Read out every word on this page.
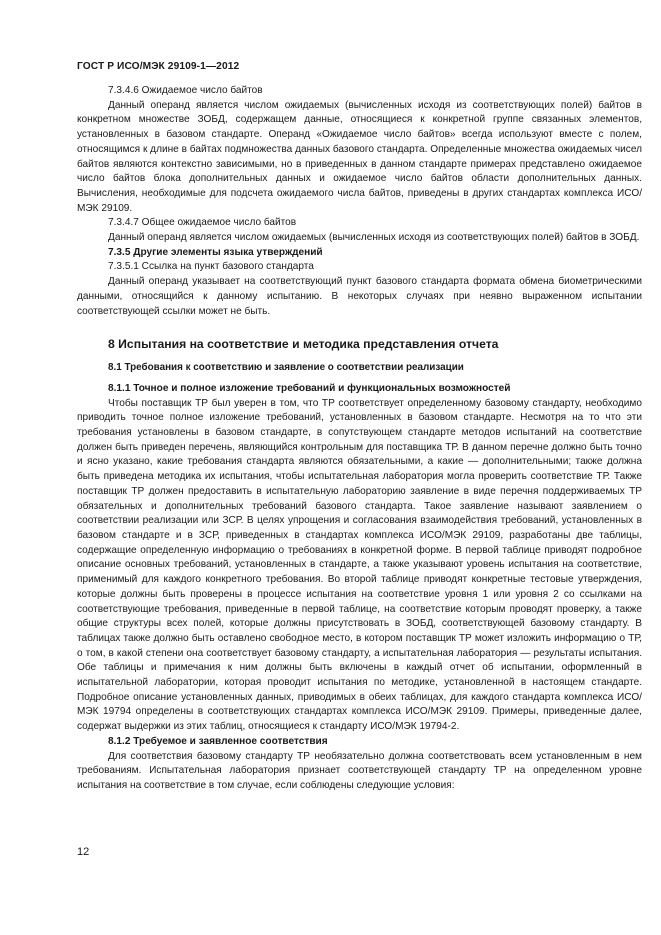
ГОСТ Р ИСО/МЭК 29109-1—2012

7.3.4.6 Ожидаемое число байтов

Данный операнд является числом ожидаемых (вычисленных исходя из соответствующих полей) байтов в конкретном множестве ЗОБД, содержащем данные, относящиеся к конкретной группе связанных элементов, установленных в базовом стандарте. Операнд «Ожидаемое число байтов» всегда используют вместе с полем, относящимся к длине в байтах подмножества данных базового стандарта. Определенные множества ожидаемых чисел байтов являются контекстно зависимыми, но в приведенных в данном стандарте примерах представлено ожидаемое число байтов блока дополнительных данных и ожидаемое число байтов области дополнительных данных. Вычисления, необходимые для подсчета ожидаемого числа байтов, приведены в других стандартах комплекса ИСО/МЭК 29109.

7.3.4.7 Общее ожидаемое число байтов

Данный операнд является числом ожидаемых (вычисленных исходя из соответствующих полей) байтов в ЗОБД.

7.3.5 Другие элементы языка утверждений

7.3.5.1 Ссылка на пункт базового стандарта

Данный операнд указывает на соответствующий пункт базового стандарта формата обмена биометрическими данными, относящийся к данному испытанию. В некоторых случаях при неявно выраженном испытании соответствующей ссылки может не быть.

8 Испытания на соответствие и методика представления отчета

8.1 Требования к соответствию и заявление о соответствии реализации

8.1.1 Точное и полное изложение требований и функциональных возможностей

Чтобы поставщик ТР был уверен в том, что ТР соответствует определенному базовому стандарту, необходимо приводить точное полное изложение требований, установленных в базовом стандарте. Несмотря на то что эти требования установлены в базовом стандарте, в сопутствующем стандарте методов испытаний на соответствие должен быть приведен перечень, являющийся контрольным для поставщика ТР. В данном перечне должно быть точно и ясно указано, какие требования стандарта являются обязательными, а какие — дополнительными; также должна быть приведена методика их испытания, чтобы испытательная лаборатория могла проверить соответствие ТР. Также поставщик ТР должен предоставить в испытательную лабораторию заявление в виде перечня поддерживаемых ТР обязательных и дополнительных требований базового стандарта. Такое заявление называют заявлением о соответствии реализации или ЗСР. В целях упрощения и согласования взаимодействия требований, установленных в базовом стандарте и в ЗСР, приведенных в стандартах комплекса ИСО/МЭК 29109, разработаны две таблицы, содержащие определенную информацию о требованиях в конкретной форме. В первой таблице приводят подробное описание основных требований, установленных в стандарте, а также указывают уровень испытания на соответствие, применимый для каждого конкретного требования. Во второй таблице приводят конкретные тестовые утверждения, которые должны быть проверены в процессе испытания на соответствие уровня 1 или уровня 2 со ссылками на соответствующие требования, приведенные в первой таблице, на соответствие которым проводят проверку, а также общие структуры всех полей, которые должны присутствовать в ЗОБД, соответствующей базовому стандарту. В таблицах также должно быть оставлено свободное место, в котором поставщик ТР может изложить информацию о ТР, о том, в какой степени она соответствует базовому стандарту, а испытательная лаборатория — результаты испытания. Обе таблицы и примечания к ним должны быть включены в каждый отчет об испытании, оформленный в испытательной лаборатории, которая проводит испытания по методике, установленной в настоящем стандарте. Подробное описание установленных данных, приводимых в обеих таблицах, для каждого стандарта комплекса ИСО/МЭК 19794 определены в соответствующих стандартах комплекса ИСО/МЭК 29109. Примеры, приведенные далее, содержат выдержки из этих таблиц, относящиеся к стандарту ИСО/МЭК 19794-2.

8.1.2 Требуемое и заявленное соответствия

Для соответствия базовому стандарту ТР необязательно должна соответствовать всем установленным в нем требованиям. Испытательная лаборатория признает соответствующей стандарту ТР на определенном уровне испытания на соответствие в том случае, если соблюдены следующие условия:

12
